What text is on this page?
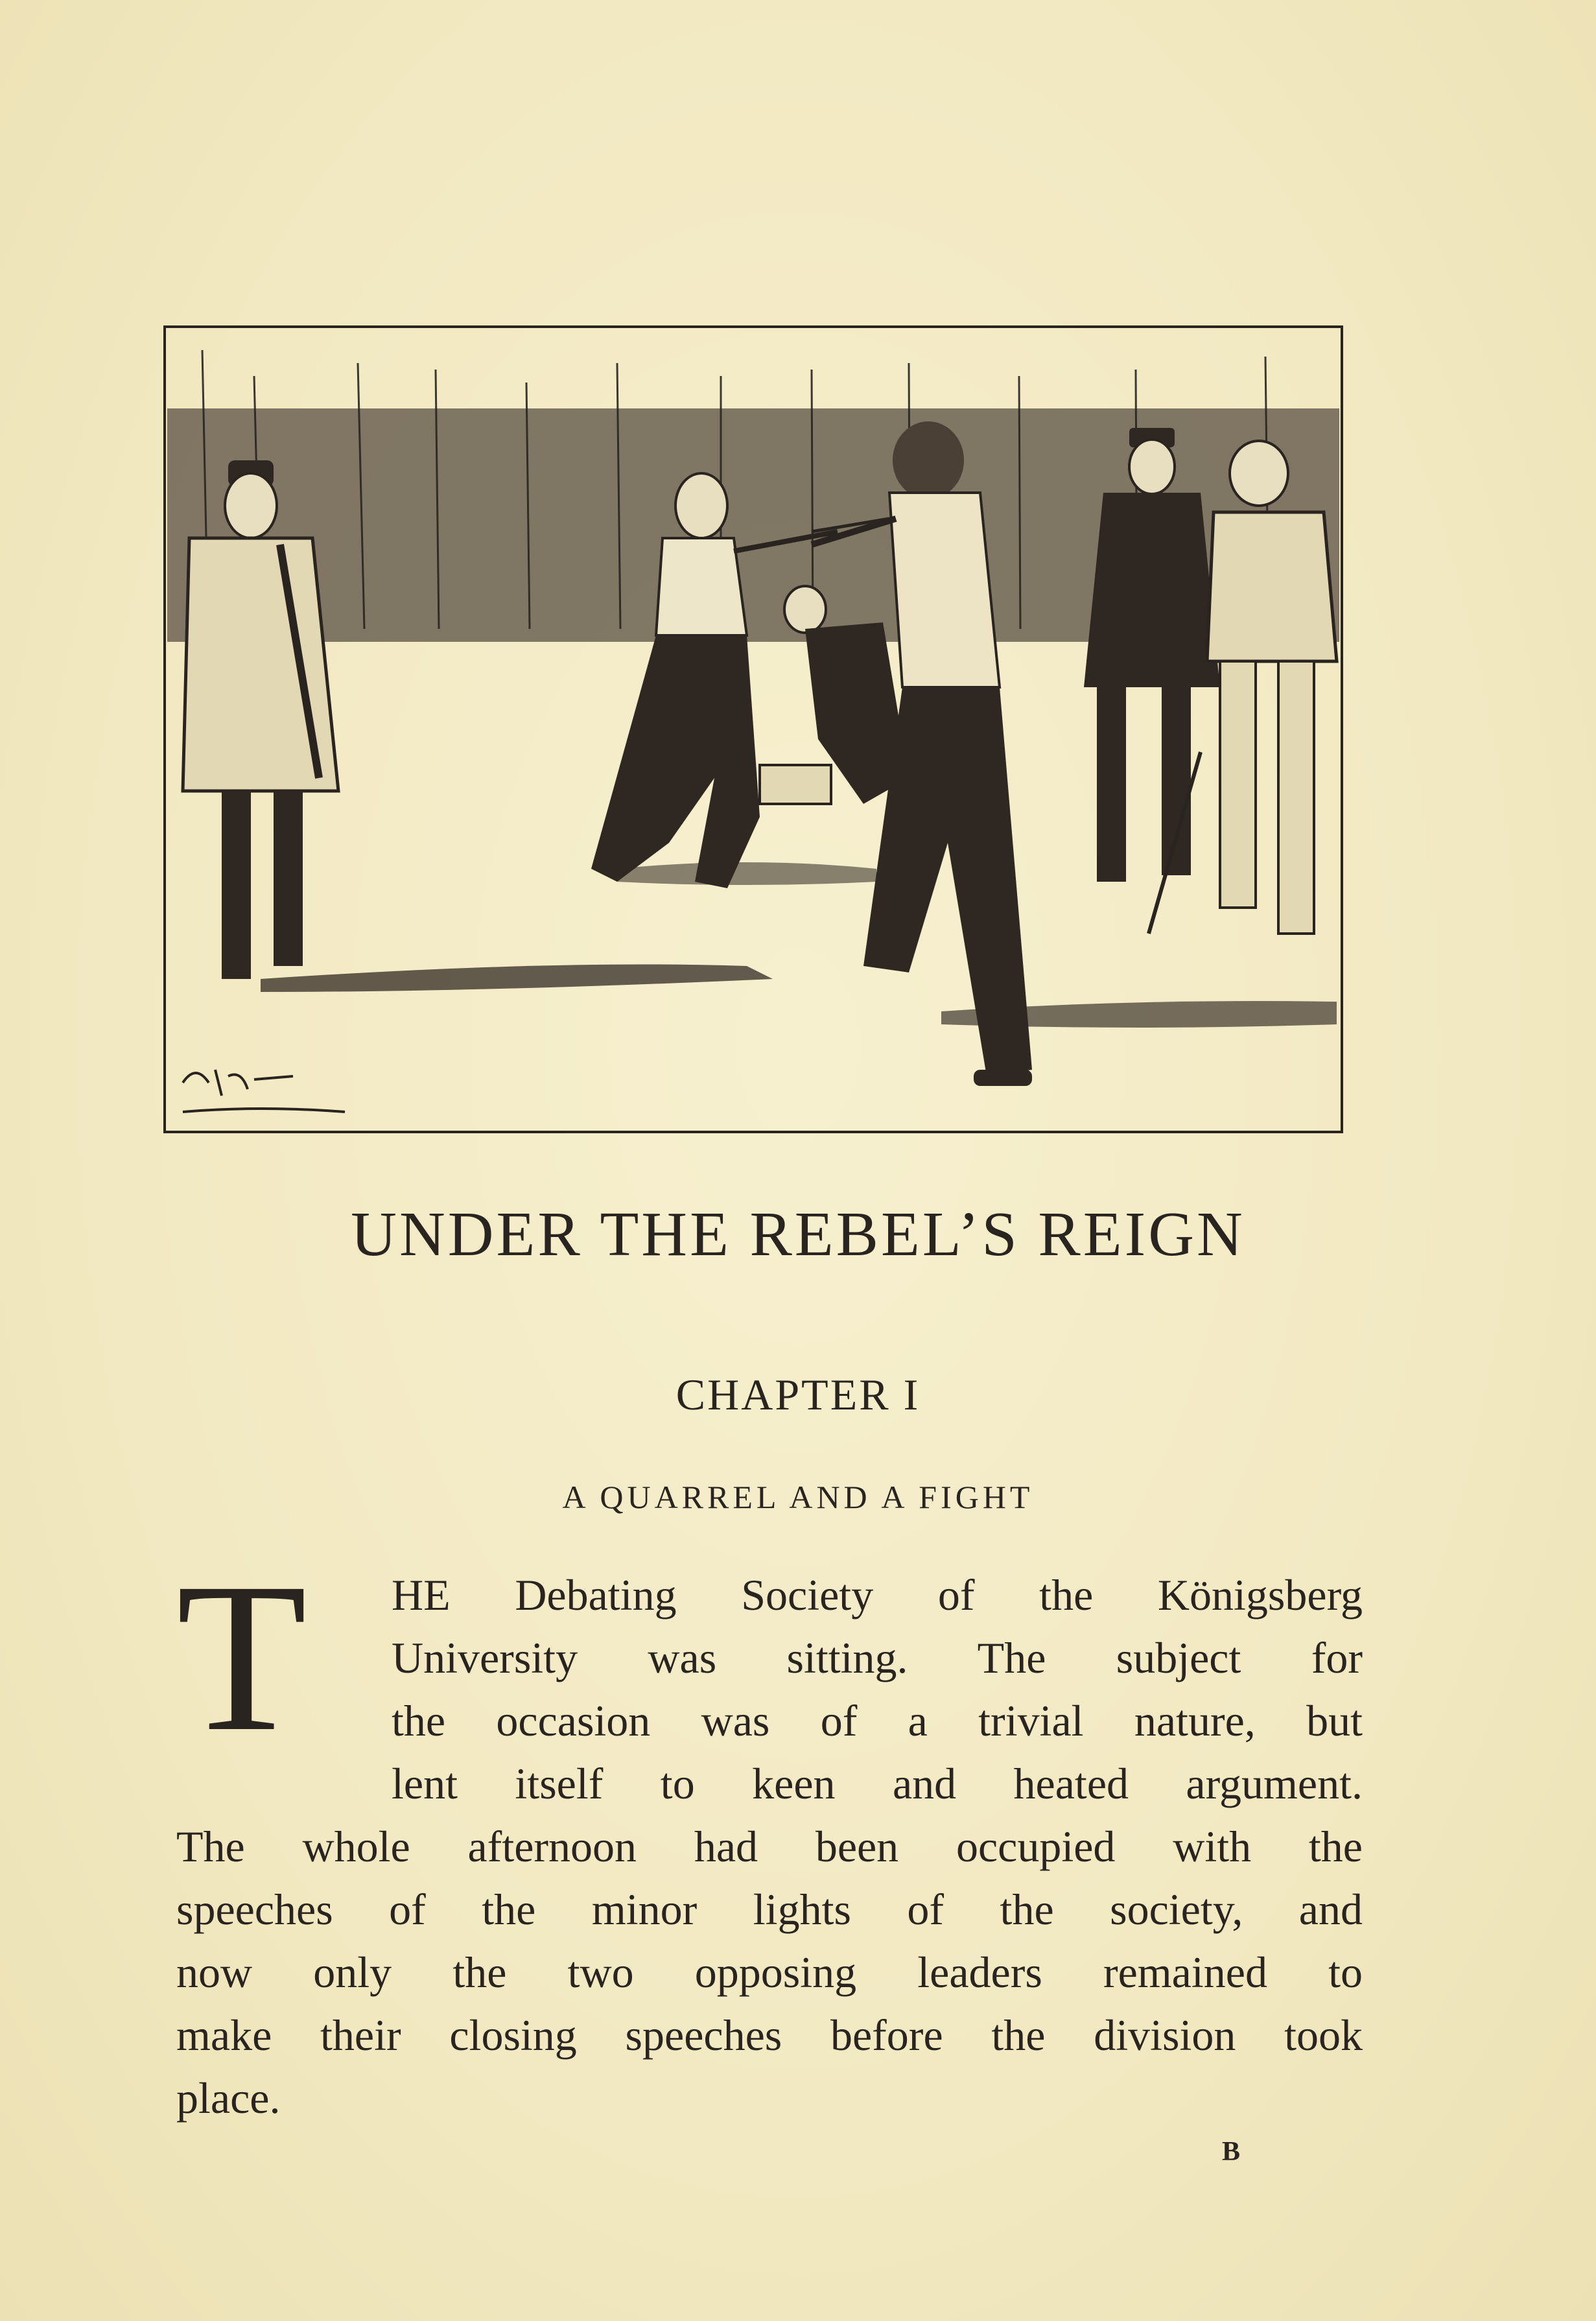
UNDER THE REBEL’S REIGN
CHAPTER I
A QUARREL AND A FIGHT
T HE Debating Society of the Königsberg
University was sitting. The subject for
the occasion was of a trivial nature, but
lent itself to keen and heated argument.
The whole afternoon had been occupied with the
speeches of the minor lights of the society, and
now only the two opposing leaders remained to
make their closing speeches before the division took
place.
B
